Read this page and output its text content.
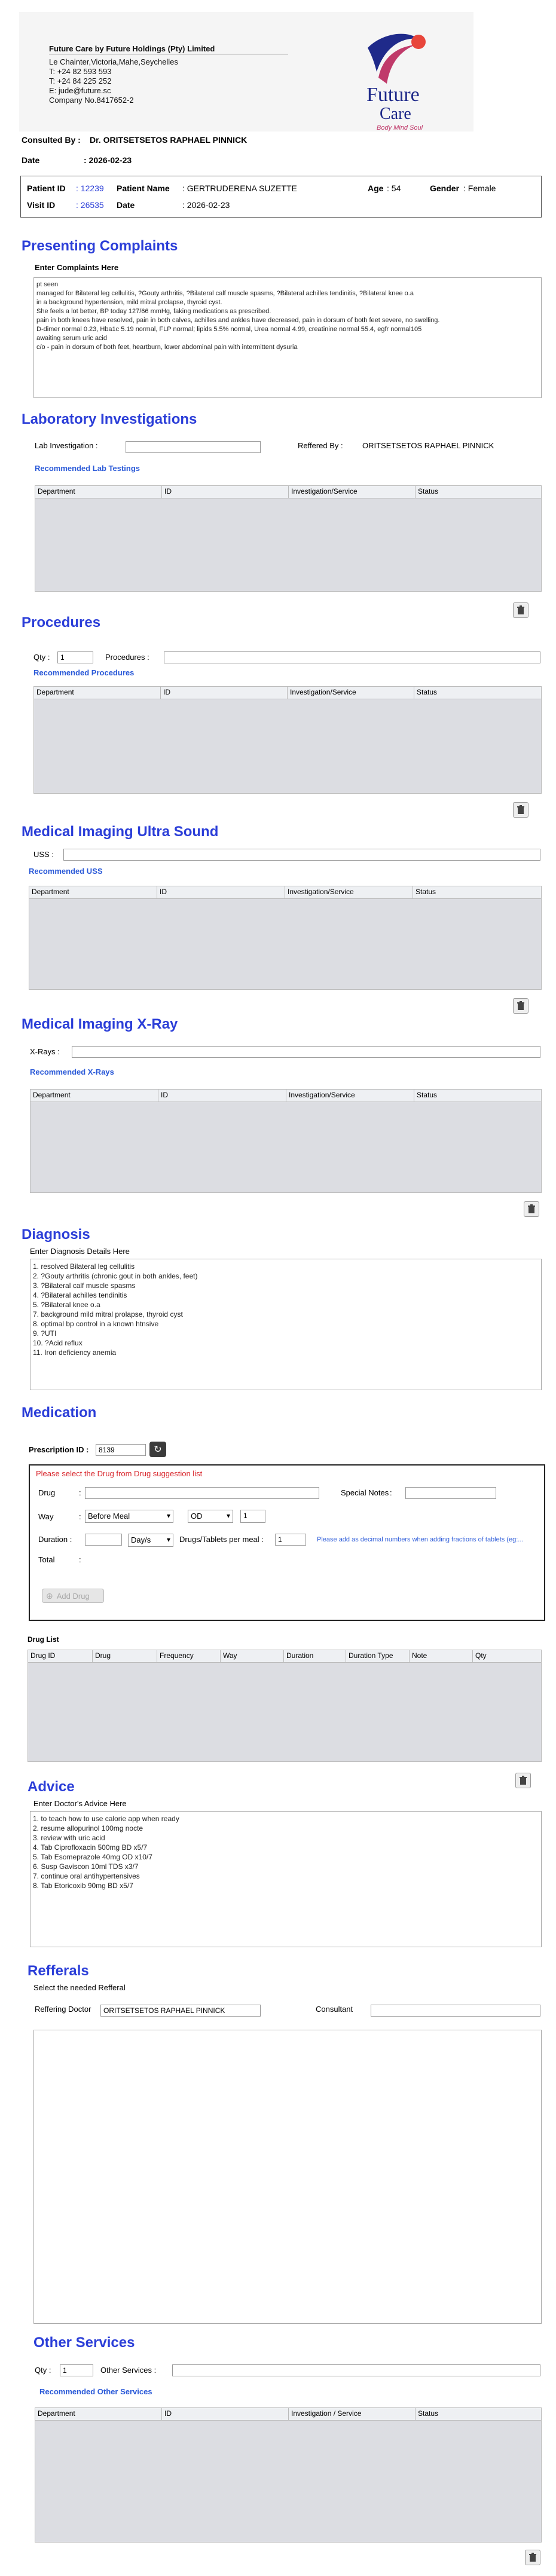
Future Care by Future Holdings (Pty) Limited
Le Chainter,Victoria,Mahe,Seychelles
T: +24 82 593 593
T: +24 84 225 252
E: jude@future.sc
Company No.8417652-2	Future
Care
Body Mind Soul
Consulted By : Dr. ORITSETSETOS RAPHAEL PINNICK
Date	: 2026-02-23
Patient ID : 12239 Patient Name : GERTRUDERENA SUZETTE	Age : 54	Gender : Female
Visit ID : 26535 Date	: 2026-02-23
Presenting Complaints
Enter Complaints Here
pt seen
managed for Bilateral leg cellulitis, ?Gouty arthritis, ?Bilateral calf muscle spasms, ?Bilateral achilles tendinitis, ?Bilateral knee o.a
in a background hypertension, mild mitral prolapse, thyroid cyst.
She feels a lot better, BP today 127/66 mmHg, faking medications as prescribed.
pain in both knees have resolved, pain in both calves, achilles and ankles have decreased, pain in dorsum of both feet severe, no swelling.
D-dimer normal 0.23, Hba1c 5.19 normal, FLP normal; lipids 5.5% normal, Urea normal 4.99, creatinine normal 55.4, egfr normal105
awaiting serum uric acid
c/o - pain in dorsum of both feet, heartburn, lower abdominal pain with intermittent dysuria
Laboratory Investigations
Lab Investigation :	Reffered By : ORITSETSETOS RAPHAEL PINNICK
Recommended Lab Testings
Department	ID	Investigation/Service	Status
Procedures
Qty :	1	Procedures :
Recommended Procedures
Department	ID	Investigation/Service	Status
Medical Imaging Ultra Sound
USS :
Recommended USS
Department	ID	Investigation/Service	Status
Medical Imaging X-Ray
X-Rays :
Recommended X-Rays
Department	ID	Investigation/Service	Status
Diagnosis
Enter Diagnosis Details Here
1. resolved Bilateral leg cellulitis
2. ?Gouty arthritis (chronic gout in both ankles, feet)
3. ?Bilateral calf muscle spasms
4. ?Bilateral achilles tendinitis
5. ?Bilateral knee o.a
7. background mild mitral prolapse, thyroid cyst
8. optimal bp control in a known htnsive
9. ?UTI
10. ?Acid reflux
11. Iron deficiency anemia
Medication
Prescription ID :	8139	↻
Please select the Drug from Drug suggestion list
Drug	:	Special Notes :
Way	: Before Meal ▾	OD ▾	1
Duration :	Day/s ▾	Drugs/Tablets per meal :	1	Please add as decimal numbers when adding fractions of tablets (eg:...
Total	:
⊕ Add Drug
Drug List
Drug ID	Drug	Frequency	Way	Duration	Duration Type	Note	Qty
Advice
Enter Doctor's Advice Here
1. to teach how to use calorie app when ready
2. resume allopurinol 100mg nocte
3. review with uric acid
4. Tab Ciprofloxacin 500mg BD x5/7
5. Tab Esomeprazole 40mg OD x10/7
6. Susp Gaviscon 10ml TDS x3/7
7. continue oral antihypertensives
8. Tab Etoricoxib 90mg BD x5/7
Refferals
Select the needed Refferal
Reffering Doctor	ORITSETSETOS RAPHAEL PINNICK	Consultant
Other Services
Qty :	1	Other Services :
Recommended Other Services
Department	ID	Investigation / Service	Status
